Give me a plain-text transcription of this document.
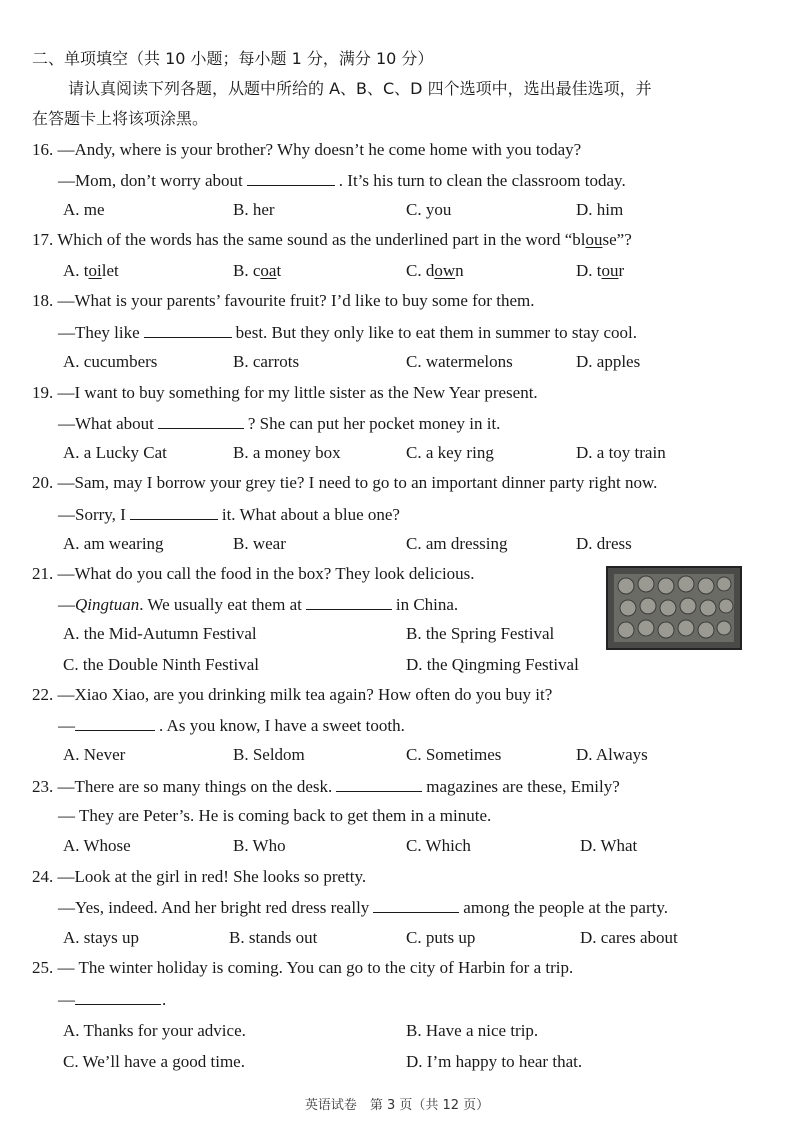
二、单项填空（共 10 小题；每小题 1 分，满分 10 分）
请认真阅读下列各题，从题中所给的 A、B、C、D 四个选项中，选出最佳选项，并
在答题卡上将该项涂黑。
16. —Andy, where is your brother? Why doesn’t he come home with you today?
—Mom, don’t worry about	. It’s his turn to clean the classroom today.
A. me	B. her	C. you	D. him
17. Which of the words has the same sound as the underlined part in the word “blouse”?
A. toilet	B. coat	C. down	D. tour
18. —What is your parents’ favourite fruit? I’d like to buy some for them.
—They like	best. But they only like to eat them in summer to stay cool.
A. cucumbers	B. carrots	C. watermelons	D. apples
19. —I want to buy something for my little sister as the New Year present.
—What about	? She can put her pocket money in it.
A. a Lucky Cat	B. a money box	C. a key ring	D. a toy train
20. —Sam, may I borrow your grey tie? I need to go to an important dinner party right now.
—Sorry, I	it. What about a blue one?
A. am wearing	B. wear	C. am dressing	D. dress
21. —What do you call the food in the box? They look delicious.
—Qingtuan. We usually eat them at	in China.
A. the Mid-Autumn Festival	B. the Spring Festival
C. the Double Ninth Festival	D. the Qingming Festival
22. —Xiao Xiao, are you drinking milk tea again? How often do you buy it?
—	. As you know, I have a sweet tooth.
A. Never	B. Seldom	C. Sometimes	D. Always
23. —There are so many things on the desk.	magazines are these, Emily?
— They are Peter’s. He is coming back to get them in a minute.
A. Whose	B. Who	C. Which	D. What
24. —Look at the girl in red! She looks so pretty.
—Yes, indeed. And her bright red dress really	among the people at the party.
A. stays up	B. stands out	C. puts up	D. cares about
25. — The winter holiday is coming. You can go to the city of Harbin for a trip.
—	.
A. Thanks for your advice.	B. Have a nice trip.
C. We’ll have a good time.	D. I’m happy to hear that.
英语试卷　第 3 页（共 12 页）
